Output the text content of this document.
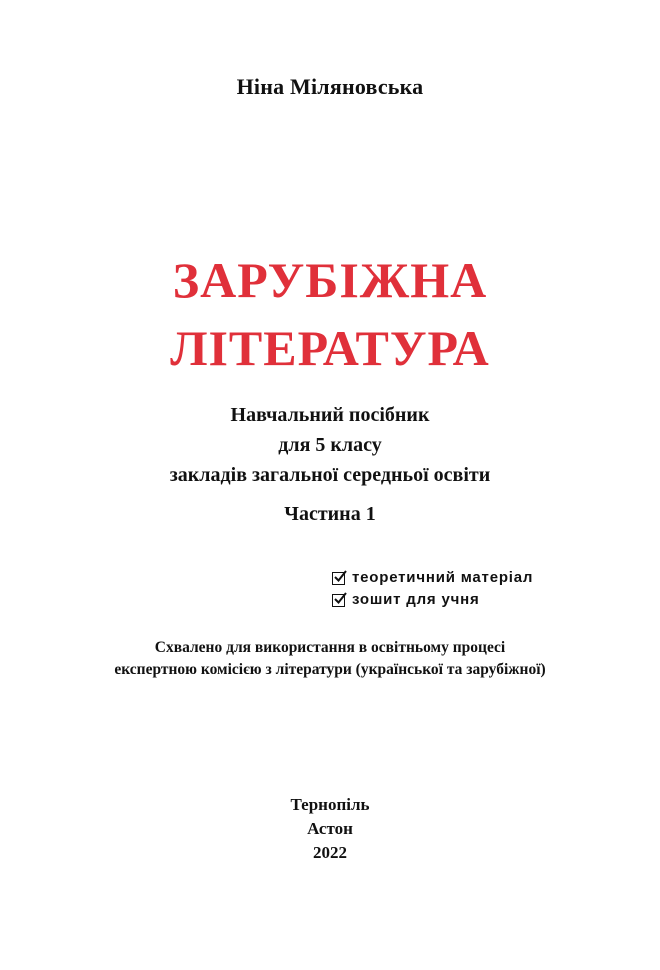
Ніна Міляновська
ЗАРУБІЖНА
ЛІТЕРАТУРА
Навчальний посібник
для 5 класу
закладів загальної середньої освіти
Частина 1
теоретичний матеріал
зошит для учня
Схвалено для використання в освітньому процесі
експертною комісією з літератури (української та зарубіжної)
Тернопіль
Астон
2022
